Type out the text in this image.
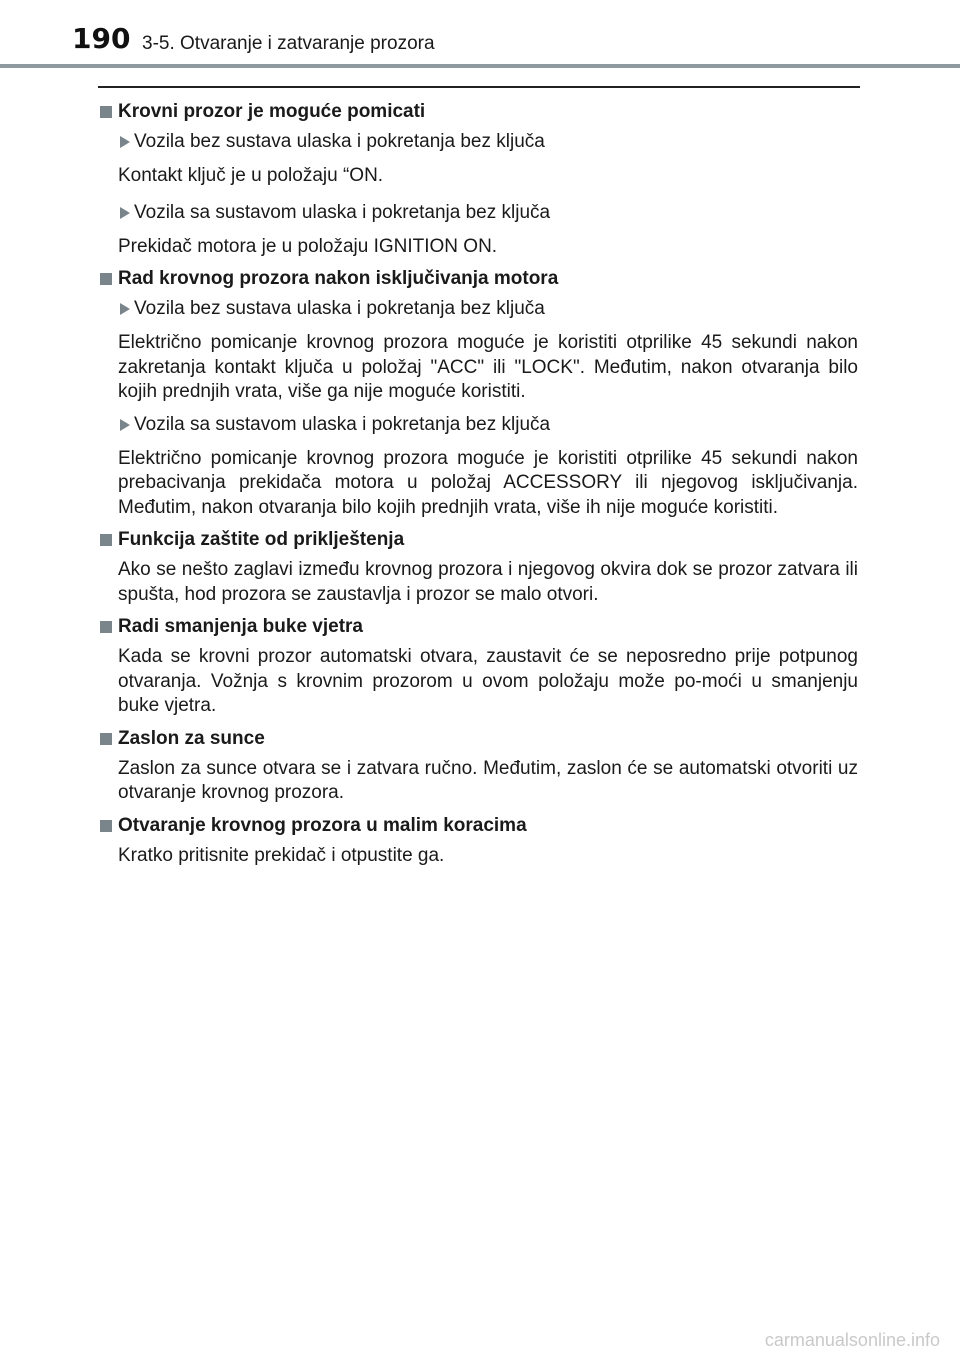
190 3-5. Otvaranje i zatvaranje prozora
Krovni prozor je moguće pomicati
Vozila bez sustava ulaska i pokretanja bez ključa
Kontakt ključ je u položaju “ON.
Vozila sa sustavom ulaska i pokretanja bez ključa
Prekidač motora je u položaju IGNITION ON.
Rad krovnog prozora nakon isključivanja motora
Vozila bez sustava ulaska i pokretanja bez ključa
Električno pomicanje krovnog prozora moguće je koristiti otprilike 45 sekundi nakon zakretanja kontakt ključa u položaj "ACC" ili "LOCK". Međutim, nakon otvaranja bilo kojih prednjih vrata, više ga nije moguće koristiti.
Vozila sa sustavom ulaska i pokretanja bez ključa
Električno pomicanje krovnog prozora moguće je koristiti otprilike 45 sekundi nakon prebacivanja prekidača motora u položaj ACCESSORY ili njegovog isključivanja. Međutim, nakon otvaranja bilo kojih prednjih vrata, više ih nije moguće koristiti.
Funkcija zaštite od priklještenja
Ako se nešto zaglavi između krovnog prozora i njegovog okvira dok se prozor zatvara ili spušta, hod prozora se zaustavlja i prozor se malo otvori.
Radi smanjenja buke vjetra
Kada se krovni prozor automatski otvara, zaustavit će se neposredno prije potpunog otvaranja. Vožnja s krovnim prozorom u ovom položaju može po-moći u smanjenju buke vjetra.
Zaslon za sunce
Zaslon za sunce otvara se i zatvara ručno. Međutim, zaslon će se automatski otvoriti uz otvaranje krovnog prozora.
Otvaranje krovnog prozora u malim koracima
Kratko pritisnite prekidač i otpustite ga.
carmanualsonline.info
